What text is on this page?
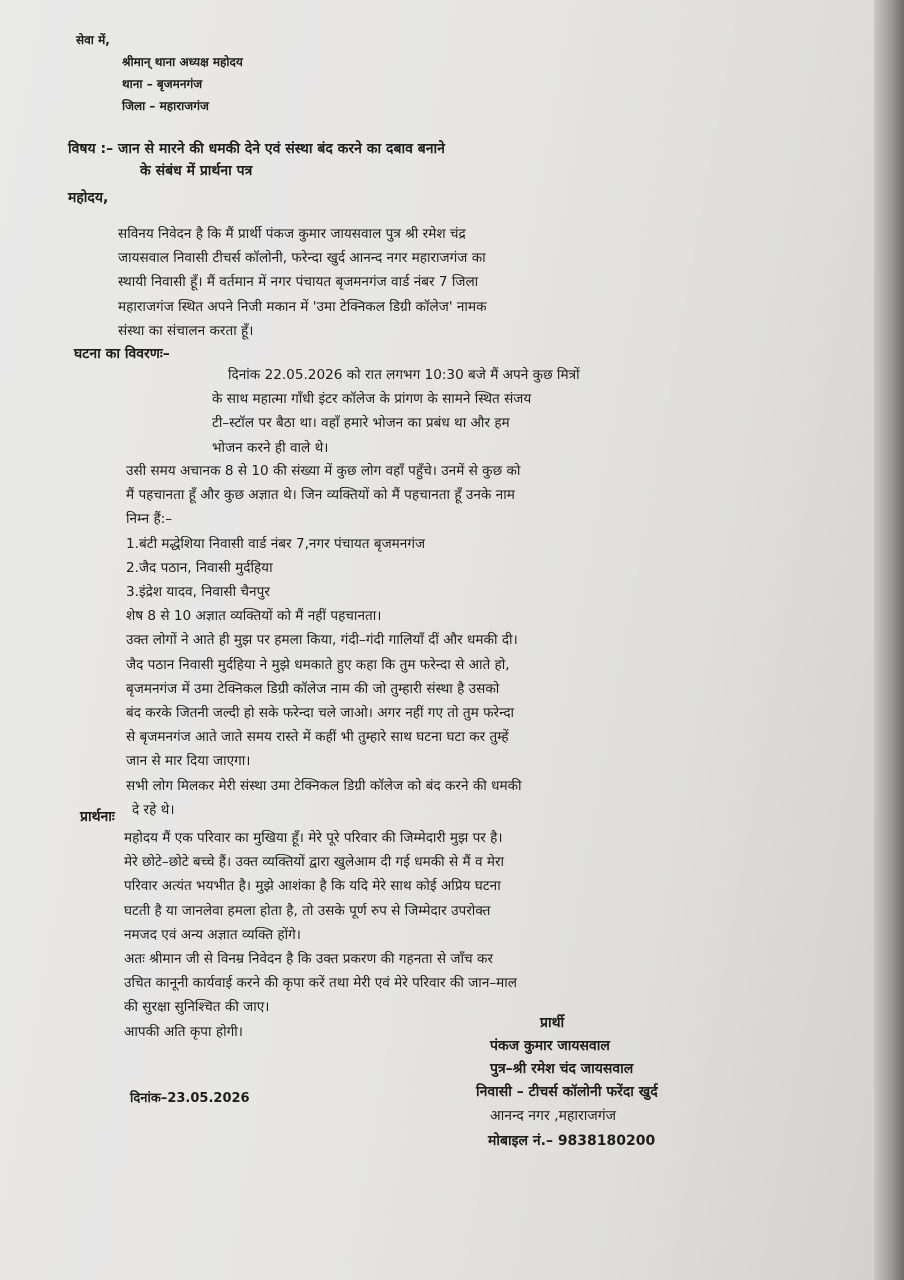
सेवा में,
श्रीमान् थाना अध्यक्ष महोदय
थाना – बृजमनगंज
जिला – महाराजगंज
विषय :– जान से मारने की धमकी देने एवं संस्था बंद करने का दबाव बनाने
के संबंध में प्रार्थना पत्र
महोदय,
सविनय निवेदन है कि मैं प्रार्थी पंकज कुमार जायसवाल पुत्र श्री रमेश चंद्र
जायसवाल निवासी टीचर्स कॉलोनी, फरेन्दा खुर्द आनन्द नगर महाराजगंज का
स्थायी निवासी हूँ। मैं वर्तमान में नगर पंचायत बृजमनगंज वार्ड नंबर 7 जिला
महाराजगंज स्थित अपने निजी मकान में 'उमा टेक्निकल डिग्री कॉलेज' नामक
संस्था का संचालन करता हूँ।
घटना का विवरणः–
दिनांक 22.05.2026 को रात लगभग 10:30 बजे मैं अपने कुछ मित्रों
के साथ महात्मा गाँधी इंटर कॉलेज के प्रांगण के सामने स्थित संजय
टी–स्टॉल पर बैठा था। वहाँ हमारे भोजन का प्रबंध था और हम
भोजन करने ही वाले थे।
उसी समय अचानक 8 से 10 की संख्या में कुछ लोग वहाँ पहुँचे। उनमें से कुछ को
मैं पहचानता हूँ और कुछ अज्ञात थे। जिन व्यक्तियों को मैं पहचानता हूँ उनके नाम
निम्न हैं:–
1.बंटी मद्धेशिया निवासी वार्ड नंबर 7,नगर पंचायत बृजमनगंज
2.जैद पठान, निवासी मुर्दहिया
3.इंद्रेश यादव, निवासी चैनपुर
शेष 8 से 10 अज्ञात व्यक्तियों को मैं नहीं पहचानता।
उक्त लोगों ने आते ही मुझ पर हमला किया, गंदी–गंदी गालियाँ दीं और धमकी दी।
जैद पठान निवासी मुर्दहिया ने मुझे धमकाते हुए कहा कि तुम फरेन्दा से आते हो,
बृजमनगंज में उमा टेक्निकल डिग्री कॉलेज नाम की जो तुम्हारी संस्था है उसको
बंद करके जितनी जल्दी हो सके फरेन्दा चले जाओ। अगर नहीं गए तो तुम फरेन्दा
से बृजमनगंज आते जाते समय रास्ते में कहीं भी तुम्हारे साथ घटना घटा कर तुम्हें
जान से मार दिया जाएगा।
सभी लोग मिलकर मेरी संस्था उमा टेक्निकल डिग्री कॉलेज को बंद करने की धमकी
दे रहे थे।
प्रार्थनाः
महोदय मैं एक परिवार का मुखिया हूँ। मेरे पूरे परिवार की जिम्मेदारी मुझ पर है।
मेरे छोटे–छोटे बच्चे हैं। उक्त व्यक्तियों द्वारा खुलेआम दी गई धमकी से मैं व मेरा
परिवार अत्यंत भयभीत है। मुझे आशंका है कि यदि मेरे साथ कोई अप्रिय घटना
घटती है या जानलेवा हमला होता है, तो उसके पूर्ण रुप से जिम्मेदार उपरोक्त
नमजद एवं अन्य अज्ञात व्यक्ति होंगे।
अतः श्रीमान जी से विनम्र निवेदन है कि उक्त प्रकरण की गहनता से जाँच कर
उचित कानूनी कार्यवाई करने की कृपा करें तथा मेरी एवं मेरे परिवार की जान–माल
की सुरक्षा सुनिश्चित की जाए।
आपकी अति कृपा होगी।
प्रार्थी
पंकज कुमार जायसवाल
पुत्र–श्री रमेश चंद जायसवाल
निवासी – टीचर्स कॉलोनी फरेंदा खुर्द
आनन्द नगर ,महाराजगंज
मोबाइल नं.– 9838180200
दिनांक–23.05.2026
